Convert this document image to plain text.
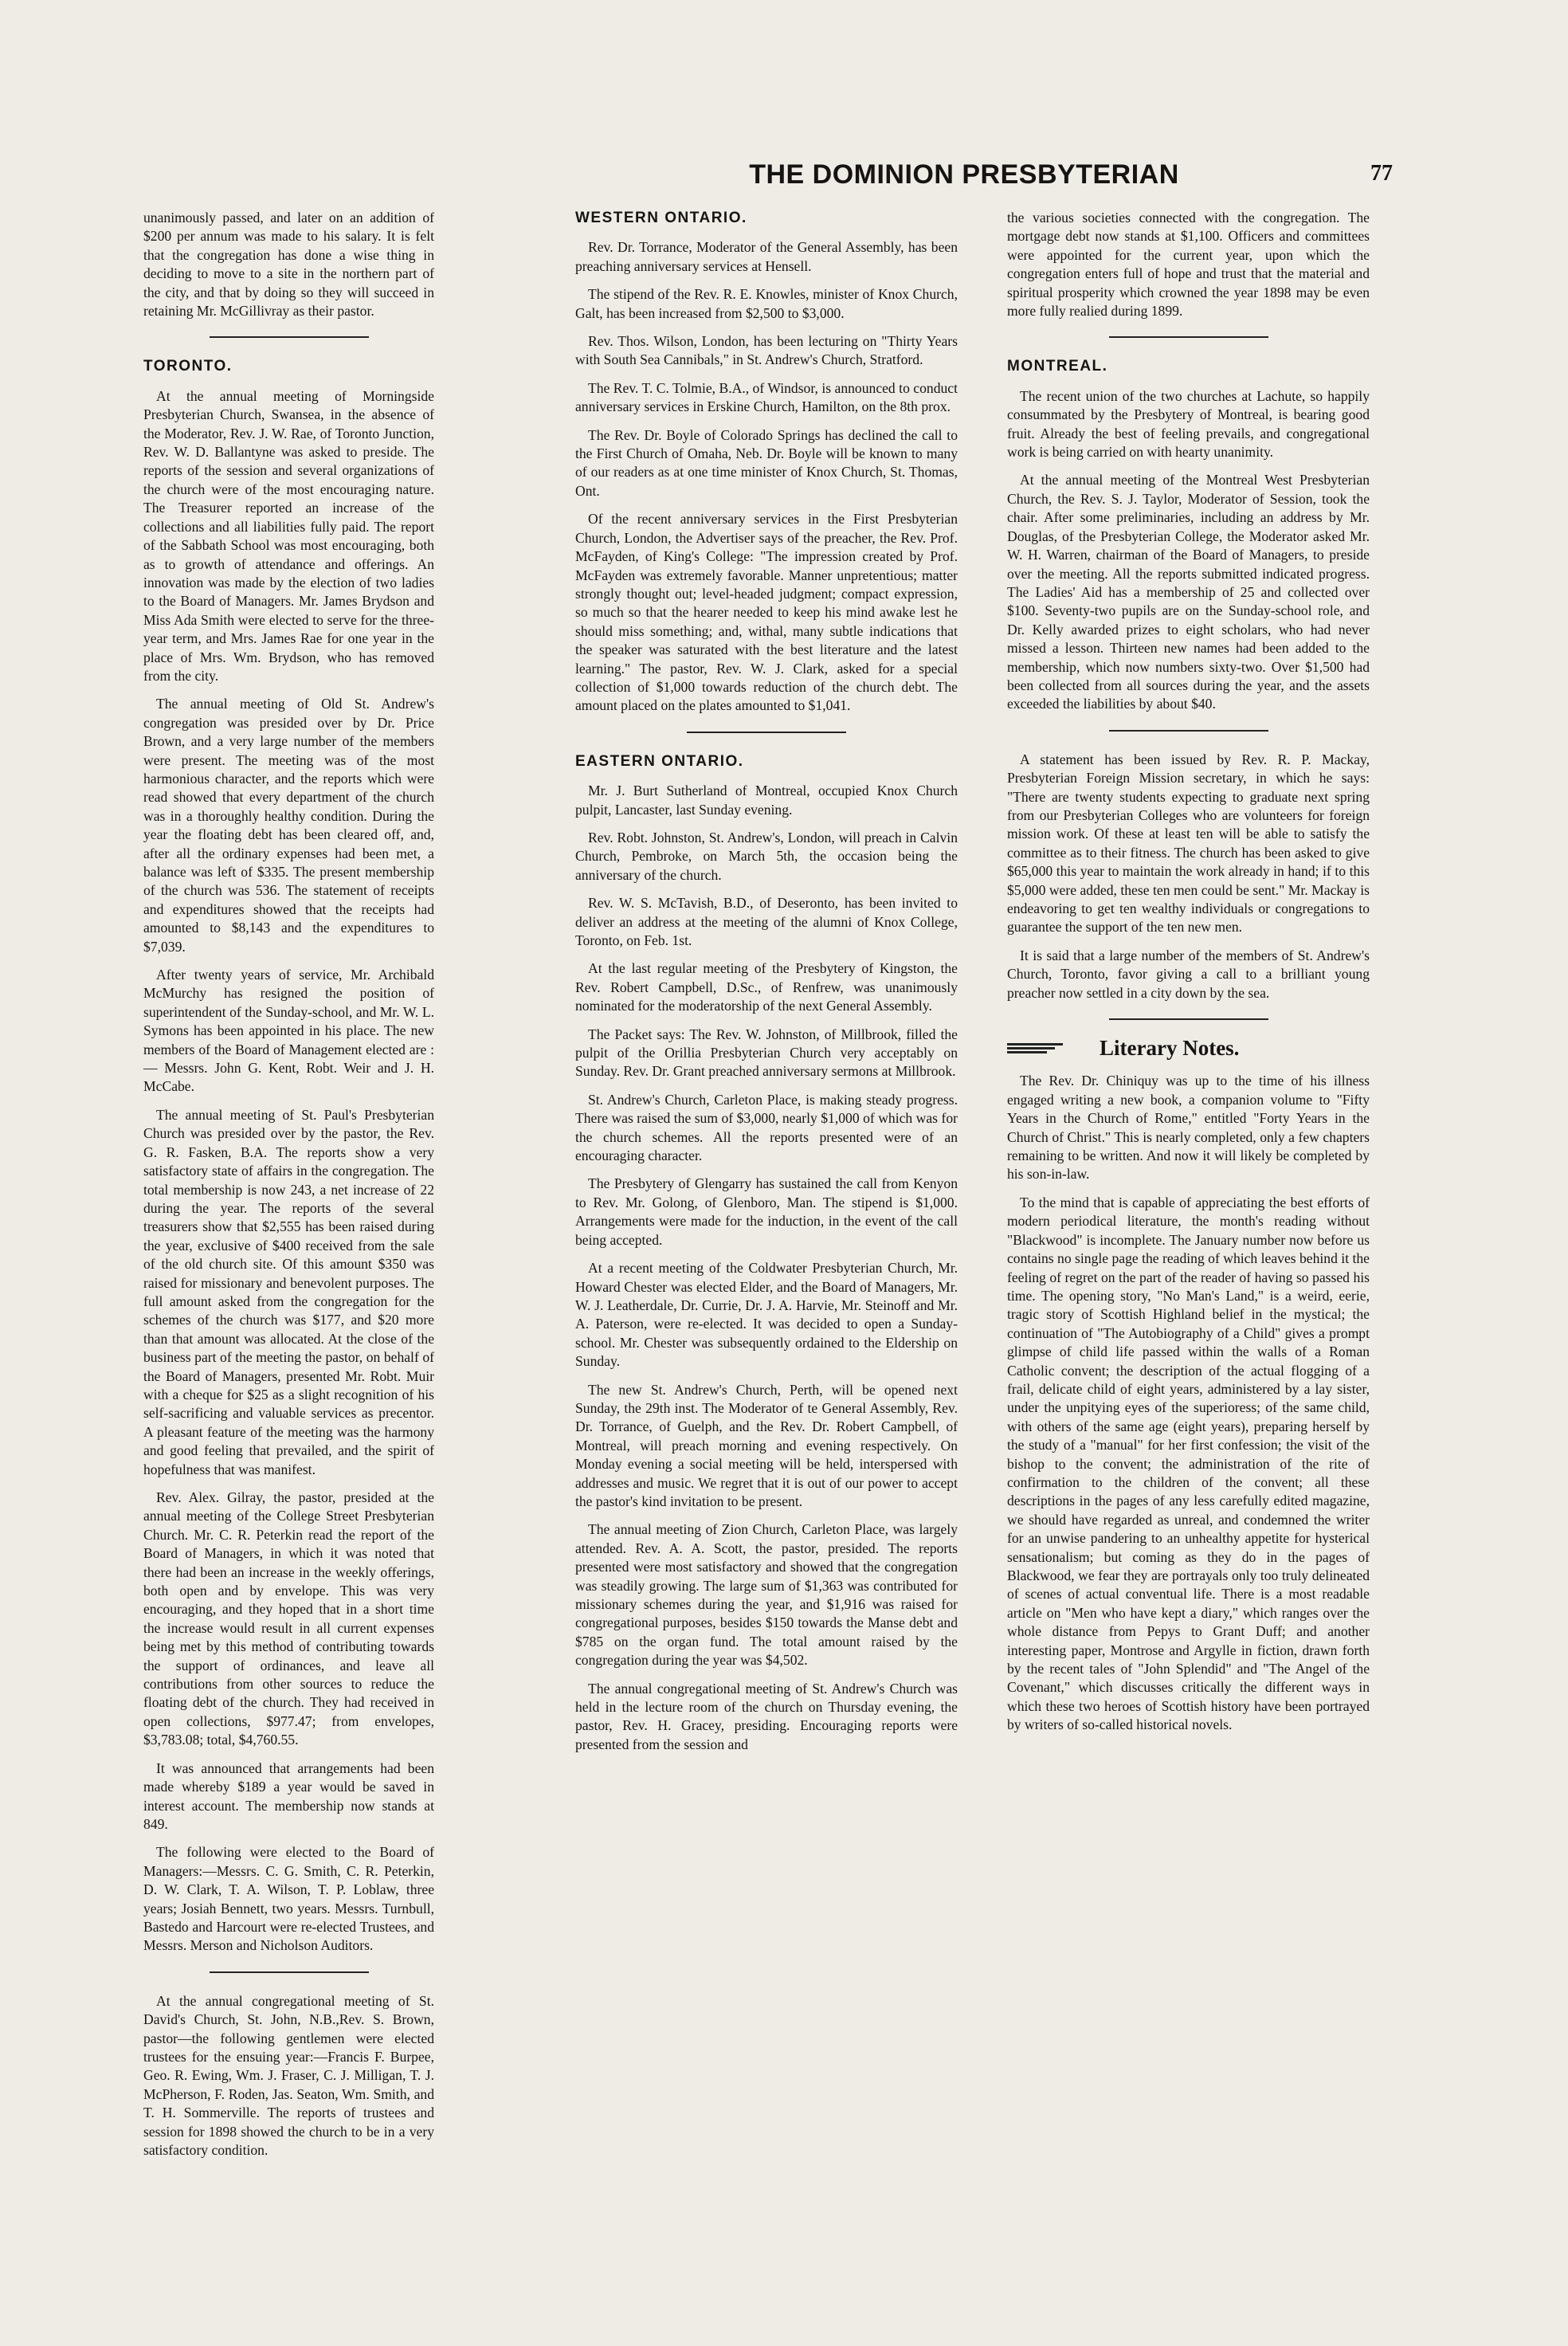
THE DOMINION PRESBYTERIAN	77

unanimously passed, and later on an addition of $200 per annum was made to his salary. It is felt that the congregation has done a wise thing in deciding to move to a site in the northern part of the city, and that by doing so they will succeed in retaining Mr. McGillivray as their pastor.

TORONTO.

At the annual meeting of Morningside Presbyterian Church, Swansea, in the absence of the Moderator, Rev. J. W. Rae, of Toronto Junction, Rev. W. D. Ballantyne was asked to preside. The reports of the session and several organizations of the church were of the most encouraging nature. The Treasurer reported an increase of the collections and all liabilities fully paid. The report of the Sabbath School was most encouraging, both as to growth of attendance and offerings. An innovation was made by the election of two ladies to the Board of Managers. Mr. James Brydson and Miss Ada Smith were elected to serve for the three-year term, and Mrs. James Rae for one year in the place of Mrs. Wm. Brydson, who has removed from the city.

The annual meeting of Old St. Andrew's congregation was presided over by Dr. Price Brown, and a very large number of the members were present. The meeting was of the most harmonious character, and the reports which were read showed that every department of the church was in a thoroughly healthy condition. During the year the floating debt has been cleared off, and, after all the ordinary expenses had been met, a balance was left of $335. The present membership of the church was 536. The statement of receipts and expenditures showed that the receipts had amounted to $8,143 and the expenditures to $7,039.

After twenty years of service, Mr. Archibald McMurchy has resigned the position of superintendent of the Sunday-school, and Mr. W. L. Symons has been appointed in his place. The new members of the Board of Management elected are :— Messrs. John G. Kent, Robt. Weir and J. H. McCabe.

The annual meeting of St. Paul's Presbyterian Church was presided over by the pastor, the Rev. G. R. Fasken, B.A. The reports show a very satisfactory state of affairs in the congregation. The total membership is now 243, a net increase of 22 during the year. The reports of the several treasurers show that $2,555 has been raised during the year, exclusive of $400 received from the sale of the old church site. Of this amount $350 was raised for missionary and benevolent purposes. The full amount asked from the congregation for the schemes of the church was $177, and $20 more than that amount was allocated. At the close of the business part of the meeting the pastor, on behalf of the Board of Managers, presented Mr. Robt. Muir with a cheque for $25 as a slight recognition of his self-sacrificing and valuable services as precentor. A pleasant feature of the meeting was the harmony and good feeling that prevailed, and the spirit of hopefulness that was manifest.

Rev. Alex. Gilray, the pastor, presided at the annual meeting of the College Street Presbyterian Church. Mr. C. R. Peterkin read the report of the Board of Managers, in which it was noted that there had been an increase in the weekly offerings, both open and by envelope. This was very encouraging, and they hoped that in a short time the increase would result in all current expenses being met by this method of contributing towards the support of ordinances, and leave all contributions from other sources to reduce the floating debt of the church. They had received in open collections, $977.47; from envelopes, $3,783.08; total, $4,760.55.

It was announced that arrangements had been made whereby $189 a year would be saved in interest account. The membership now stands at 849.

The following were elected to the Board of Managers:—Messrs. C. G. Smith, C. R. Peterkin, D. W. Clark, T. A. Wilson, T. P. Loblaw, three years; Josiah Bennett, two years. Messrs. Turnbull, Bastedo and Harcourt were re-elected Trustees, and Messrs. Merson and Nicholson Auditors.

At the annual congregational meeting of St. David's Church, St. John, N.B.,Rev. S. Brown, pastor—the following gentlemen were elected trustees for the ensuing year:—Francis F. Burpee, Geo. R. Ewing, Wm. J. Fraser, C. J. Milligan, T. J. McPherson, F. Roden, Jas. Seaton, Wm. Smith, and T. H. Sommerville. The reports of trustees and session for 1898 showed the church to be in a very satisfactory condition.

WESTERN ONTARIO.

Rev. Dr. Torrance, Moderator of the General Assembly, has been preaching anniversary services at Hensell.

The stipend of the Rev. R. E. Knowles, minister of Knox Church, Galt, has been increased from $2,500 to $3,000.

Rev. Thos. Wilson, London, has been lecturing on "Thirty Years with South Sea Cannibals," in St. Andrew's Church, Stratford.

The Rev. T. C. Tolmie, B.A., of Windsor, is announced to conduct anniversary services in Erskine Church, Hamilton, on the 8th prox.

The Rev. Dr. Boyle of Colorado Springs has declined the call to the First Church of Omaha, Neb. Dr. Boyle will be known to many of our readers as at one time minister of Knox Church, St. Thomas, Ont.

Of the recent anniversary services in the First Presbyterian Church, London, the Advertiser says of the preacher, the Rev. Prof. McFayden, of King's College: "The impression created by Prof. McFayden was extremely favorable. Manner unpretentious; matter strongly thought out; level-headed judgment; compact expression, so much so that the hearer needed to keep his mind awake lest he should miss something; and, withal, many subtle indications that the speaker was saturated with the best literature and the latest learning." The pastor, Rev. W. J. Clark, asked for a special collection of $1,000 towards reduction of the church debt. The amount placed on the plates amounted to $1,041.

EASTERN ONTARIO.

Mr. J. Burt Sutherland of Montreal, occupied Knox Church pulpit, Lancaster, last Sunday evening.

Rev. Robt. Johnston, St. Andrew's, London, will preach in Calvin Church, Pembroke, on March 5th, the occasion being the anniversary of the church.

Rev. W. S. McTavish, B.D., of Deseronto, has been invited to deliver an address at the meeting of the alumni of Knox College, Toronto, on Feb. 1st.

At the last regular meeting of the Presbytery of Kingston, the Rev. Robert Campbell, D.Sc., of Renfrew, was unanimously nominated for the moderatorship of the next General Assembly.

The Packet says: The Rev. W. Johnston, of Millbrook, filled the pulpit of the Orillia Presbyterian Church very acceptably on Sunday. Rev. Dr. Grant preached anniversary sermons at Millbrook.

St. Andrew's Church, Carleton Place, is making steady progress. There was raised the sum of $3,000, nearly $1,000 of which was for the church schemes. All the reports presented were of an encouraging character.

The Presbytery of Glengarry has sustained the call from Kenyon to Rev. Mr. Golong, of Glenboro, Man. The stipend is $1,000. Arrangements were made for the induction, in the event of the call being accepted.

At a recent meeting of the Coldwater Presbyterian Church, Mr. Howard Chester was elected Elder, and the Board of Managers, Mr. W. J. Leatherdale, Dr. Currie, Dr. J. A. Harvie, Mr. Steinoff and Mr. A. Paterson, were re-elected. It was decided to open a Sunday-school. Mr. Chester was subsequently ordained to the Eldership on Sunday.

The new St. Andrew's Church, Perth, will be opened next Sunday, the 29th inst. The Moderator of te General Assembly, Rev. Dr. Torrance, of Guelph, and the Rev. Dr. Robert Campbell, of Montreal, will preach morning and evening respectively. On Monday evening a social meeting will be held, interspersed with addresses and music. We regret that it is out of our power to accept the pastor's kind invitation to be present.

The annual meeting of Zion Church, Carleton Place, was largely attended. Rev. A. A. Scott, the pastor, presided. The reports presented were most satisfactory and showed that the congregation was steadily growing. The large sum of $1,363 was contributed for missionary schemes during the year, and $1,916 was raised for congregational purposes, besides $150 towards the Manse debt and $785 on the organ fund. The total amount raised by the congregation during the year was $4,502.

The annual congregational meeting of St. Andrew's Church was held in the lecture room of the church on Thursday evening, the pastor, Rev. H. Gracey, presiding. Encouraging reports were presented from the session and

the various societies connected with the congregation. The mortgage debt now stands at $1,100. Officers and committees were appointed for the current year, upon which the congregation enters full of hope and trust that the material and spiritual prosperity which crowned the year 1898 may be even more fully realied during 1899.

MONTREAL.

The recent union of the two churches at Lachute, so happily consummated by the Presbytery of Montreal, is bearing good fruit. Already the best of feeling prevails, and congregational work is being carried on with hearty unanimity.

At the annual meeting of the Montreal West Presbyterian Church, the Rev. S. J. Taylor, Moderator of Session, took the chair. After some preliminaries, including an address by Mr. Douglas, of the Presbyterian College, the Moderator asked Mr. W. H. Warren, chairman of the Board of Managers, to preside over the meeting. All the reports submitted indicated progress. The Ladies' Aid has a membership of 25 and collected over $100. Seventy-two pupils are on the Sunday-school role, and Dr. Kelly awarded prizes to eight scholars, who had never missed a lesson. Thirteen new names had been added to the membership, which now numbers sixty-two. Over $1,500 had been collected from all sources during the year, and the assets exceeded the liabilities by about $40.

A statement has been issued by Rev. R. P. Mackay, Presbyterian Foreign Mission secretary, in which he says: "There are twenty students expecting to graduate next spring from our Presbyterian Colleges who are volunteers for foreign mission work. Of these at least ten will be able to satisfy the committee as to their fitness. The church has been asked to give $65,000 this year to maintain the work already in hand; if to this $5,000 were added, these ten men could be sent." Mr. Mackay is endeavoring to get ten wealthy individuals or congregations to guarantee the support of the ten new men.

It is said that a large number of the members of St. Andrew's Church, Toronto, favor giving a call to a brilliant young preacher now settled in a city down by the sea.

Literary Notes.

The Rev. Dr. Chiniquy was up to the time of his illness engaged writing a new book, a companion volume to "Fifty Years in the Church of Rome," entitled "Forty Years in the Church of Christ." This is nearly completed, only a few chapters remaining to be written. And now it will likely be completed by his son-in-law.

To the mind that is capable of appreciating the best efforts of modern periodical literature, the month's reading without "Blackwood" is incomplete. The January number now before us contains no single page the reading of which leaves behind it the feeling of regret on the part of the reader of having so passed his time. The opening story, "No Man's Land," is a weird, eerie, tragic story of Scottish Highland belief in the mystical; the continuation of "The Autobiography of a Child" gives a prompt glimpse of child life passed within the walls of a Roman Catholic convent; the description of the actual flogging of a frail, delicate child of eight years, administered by a lay sister, under the unpitying eyes of the superioress; of the same child, with others of the same age (eight years), preparing herself by the study of a "manual" for her first confession; the visit of the bishop to the convent; the administration of the rite of confirmation to the children of the convent; all these descriptions in the pages of any less carefully edited magazine, we should have regarded as unreal, and condemned the writer for an unwise pandering to an unhealthy appetite for hysterical sensationalism; but coming as they do in the pages of Blackwood, we fear they are portrayals only too truly delineated of scenes of actual conventual life. There is a most readable article on "Men who have kept a diary," which ranges over the whole distance from Pepys to Grant Duff; and another interesting paper, Montrose and Argylle in fiction, drawn forth by the recent tales of "John Splendid" and "The Angel of the Covenant," which discusses critically the different ways in which these two heroes of Scottish history have been portrayed by writers of so-called historical novels.
